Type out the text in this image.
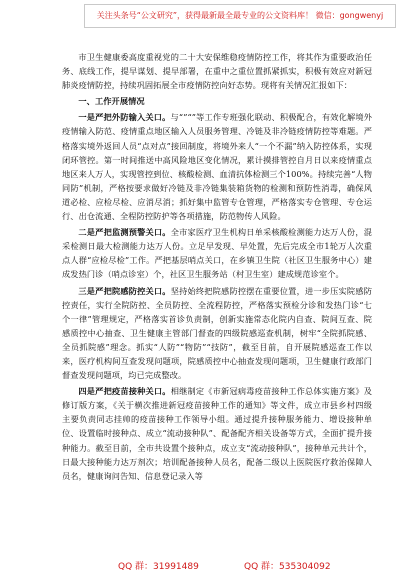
关注头条号“公文研究”，获得最新最全最专业的公文资料库！ 微信：gongwenyj

市卫生健康委高度重视党的二十大安保维稳疫情防控工作，将其作为重要政治任务、底线工作，提早谋划、提早部署，在重中之重位置抓紧抓实，积极有效应对新冠肺炎疫情防控，持续巩固拓展全市疫情防控向好态势。现将有关情况汇报如下：

一、工作开展情况

一是严把外防输入关口。与“”“”等工作专班强化联动、积极配合，有效化解境外疫情输入防范、疫情重点地区输入人员服务管理、冷链及非冷链疫情防控等难题。严格落实境外返回人员“点对点”接回制度，将境外来人“一个不漏”纳入防控体系，实现闭环管控。第一时间推送中高风险地区变化情况，累计摸排管控自月日以来疫情重点地区来人万人，实现管控到位、核酸检测、血清抗体检测三个100%。持续完善“人物同防”机制，严格按要求做好冷链及非冷链集装箱货物的检测和预防性消毒，确保风道必检、应检尽检、应消尽消；抓好集中监管专仓管理，严格落实专仓管理、专仓运行、出仓流通、全程防控防护等各项措施，防范物传人风险。

二是严把监测预警关口。全市家医疗卫生机构日单采核酸检测能力达万人份，混采检测日最大检测能力达万人份。立足早发现、早处置，先后完成全市1轮万人次重点人群“应检尽检”工作。严把基层哨点关口，在乡镇卫生院（社区卫生服务中心）建成发热门诊（哨点诊室）个，社区卫生服务站（村卫生室）建成规范诊室个。

三是严把院感防控关口。坚持始终把院感防控摆在重要位置，进一步压实院感防控责任，实行全院防控、全员防控、全流程防控，严格落实预检分诊和发热门诊“七个一律”管理规定，严格落实首诊负责制，创新实施常态化院内自查、院间互查、院感质控中心抽查、卫生健康主管部门督查的四级院感巡查机制，树牢“全院抓院感、全员抓院感”理念。抓实“人防”“物防”“技防”，截至目前，自开展院感巡查工作以来，医疗机构间互查发现问题项，院感质控中心抽查发现问题项，卫生健康行政部门督查发现问题项，均已完成整改。

四是严把疫苗接种关口。相继制定《市新冠病毒疫苗接种工作总体实施方案》及修订版方案，《关于横次推进新冠疫苗接种工作的通知》等文件，成立市县乡村四级主要负责同志挂帅的疫苗接种工作领导小组。通过提升接种服务能力、增设接种单位、设置临时接种点、成立“流动接种队”、配备配齐相关设备等方式，全面扩提升接种能力。截至目前，全市共设置个接种点，成立支“流动接种队”，接种单元共计个，日最大接种能力达万剂次；培训配备接种人员名，配备二级以上医院医疗救治保障人员名，健康询问告知、信息登记录入等

QQ 群：31991489	QQ 群：535304092
